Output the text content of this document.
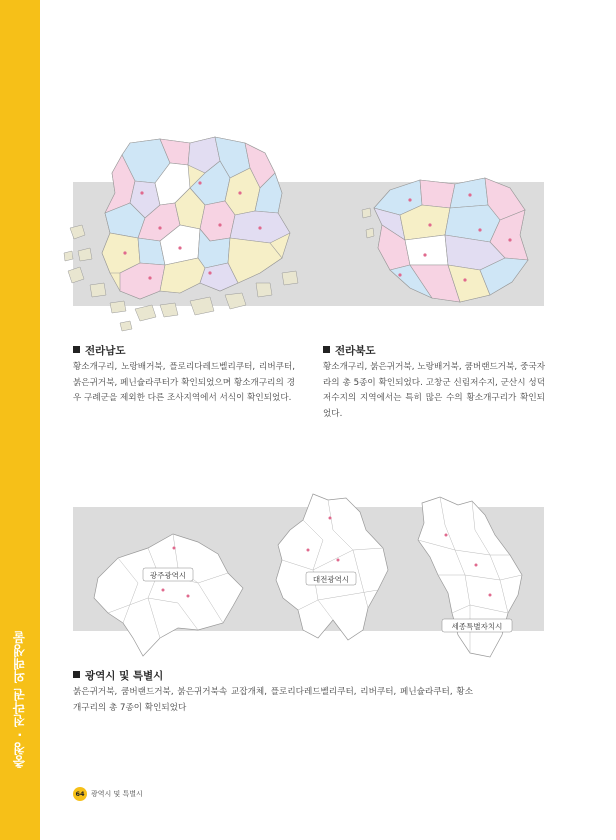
충청 · 전라권 외래생물
전라남도
황소개구리, 노랑배거북, 플로리다레드벨리쿠터, 리버쿠터, 붉은귀거북, 페닌슐라쿠터가 확인되었으며 황소개구리의 경우 구례군을 제외한 다른 조사지역에서 서식이 확인되었다.
전라북도
황소개구리, 붉은귀거북, 노랑배거북, 쿰버랜드거북, 중국자라의 총 5종이 확인되었다. 고창군 신림저수지, 군산시 성덕저수지의 지역에서는 특히 많은 수의 황소개구리가 확인되었다.
광주광역시	대전광역시
세종특별자치시
광역시 및 특별시
붉은귀거북, 쿰버랜드거북, 붉은귀거북속 교잡개체, 플로리다레드벨리쿠터, 리버쿠터, 페닌슐라쿠터, 황소개구리의 총 7종이 확인되었다
64 광역시 및 특별시
